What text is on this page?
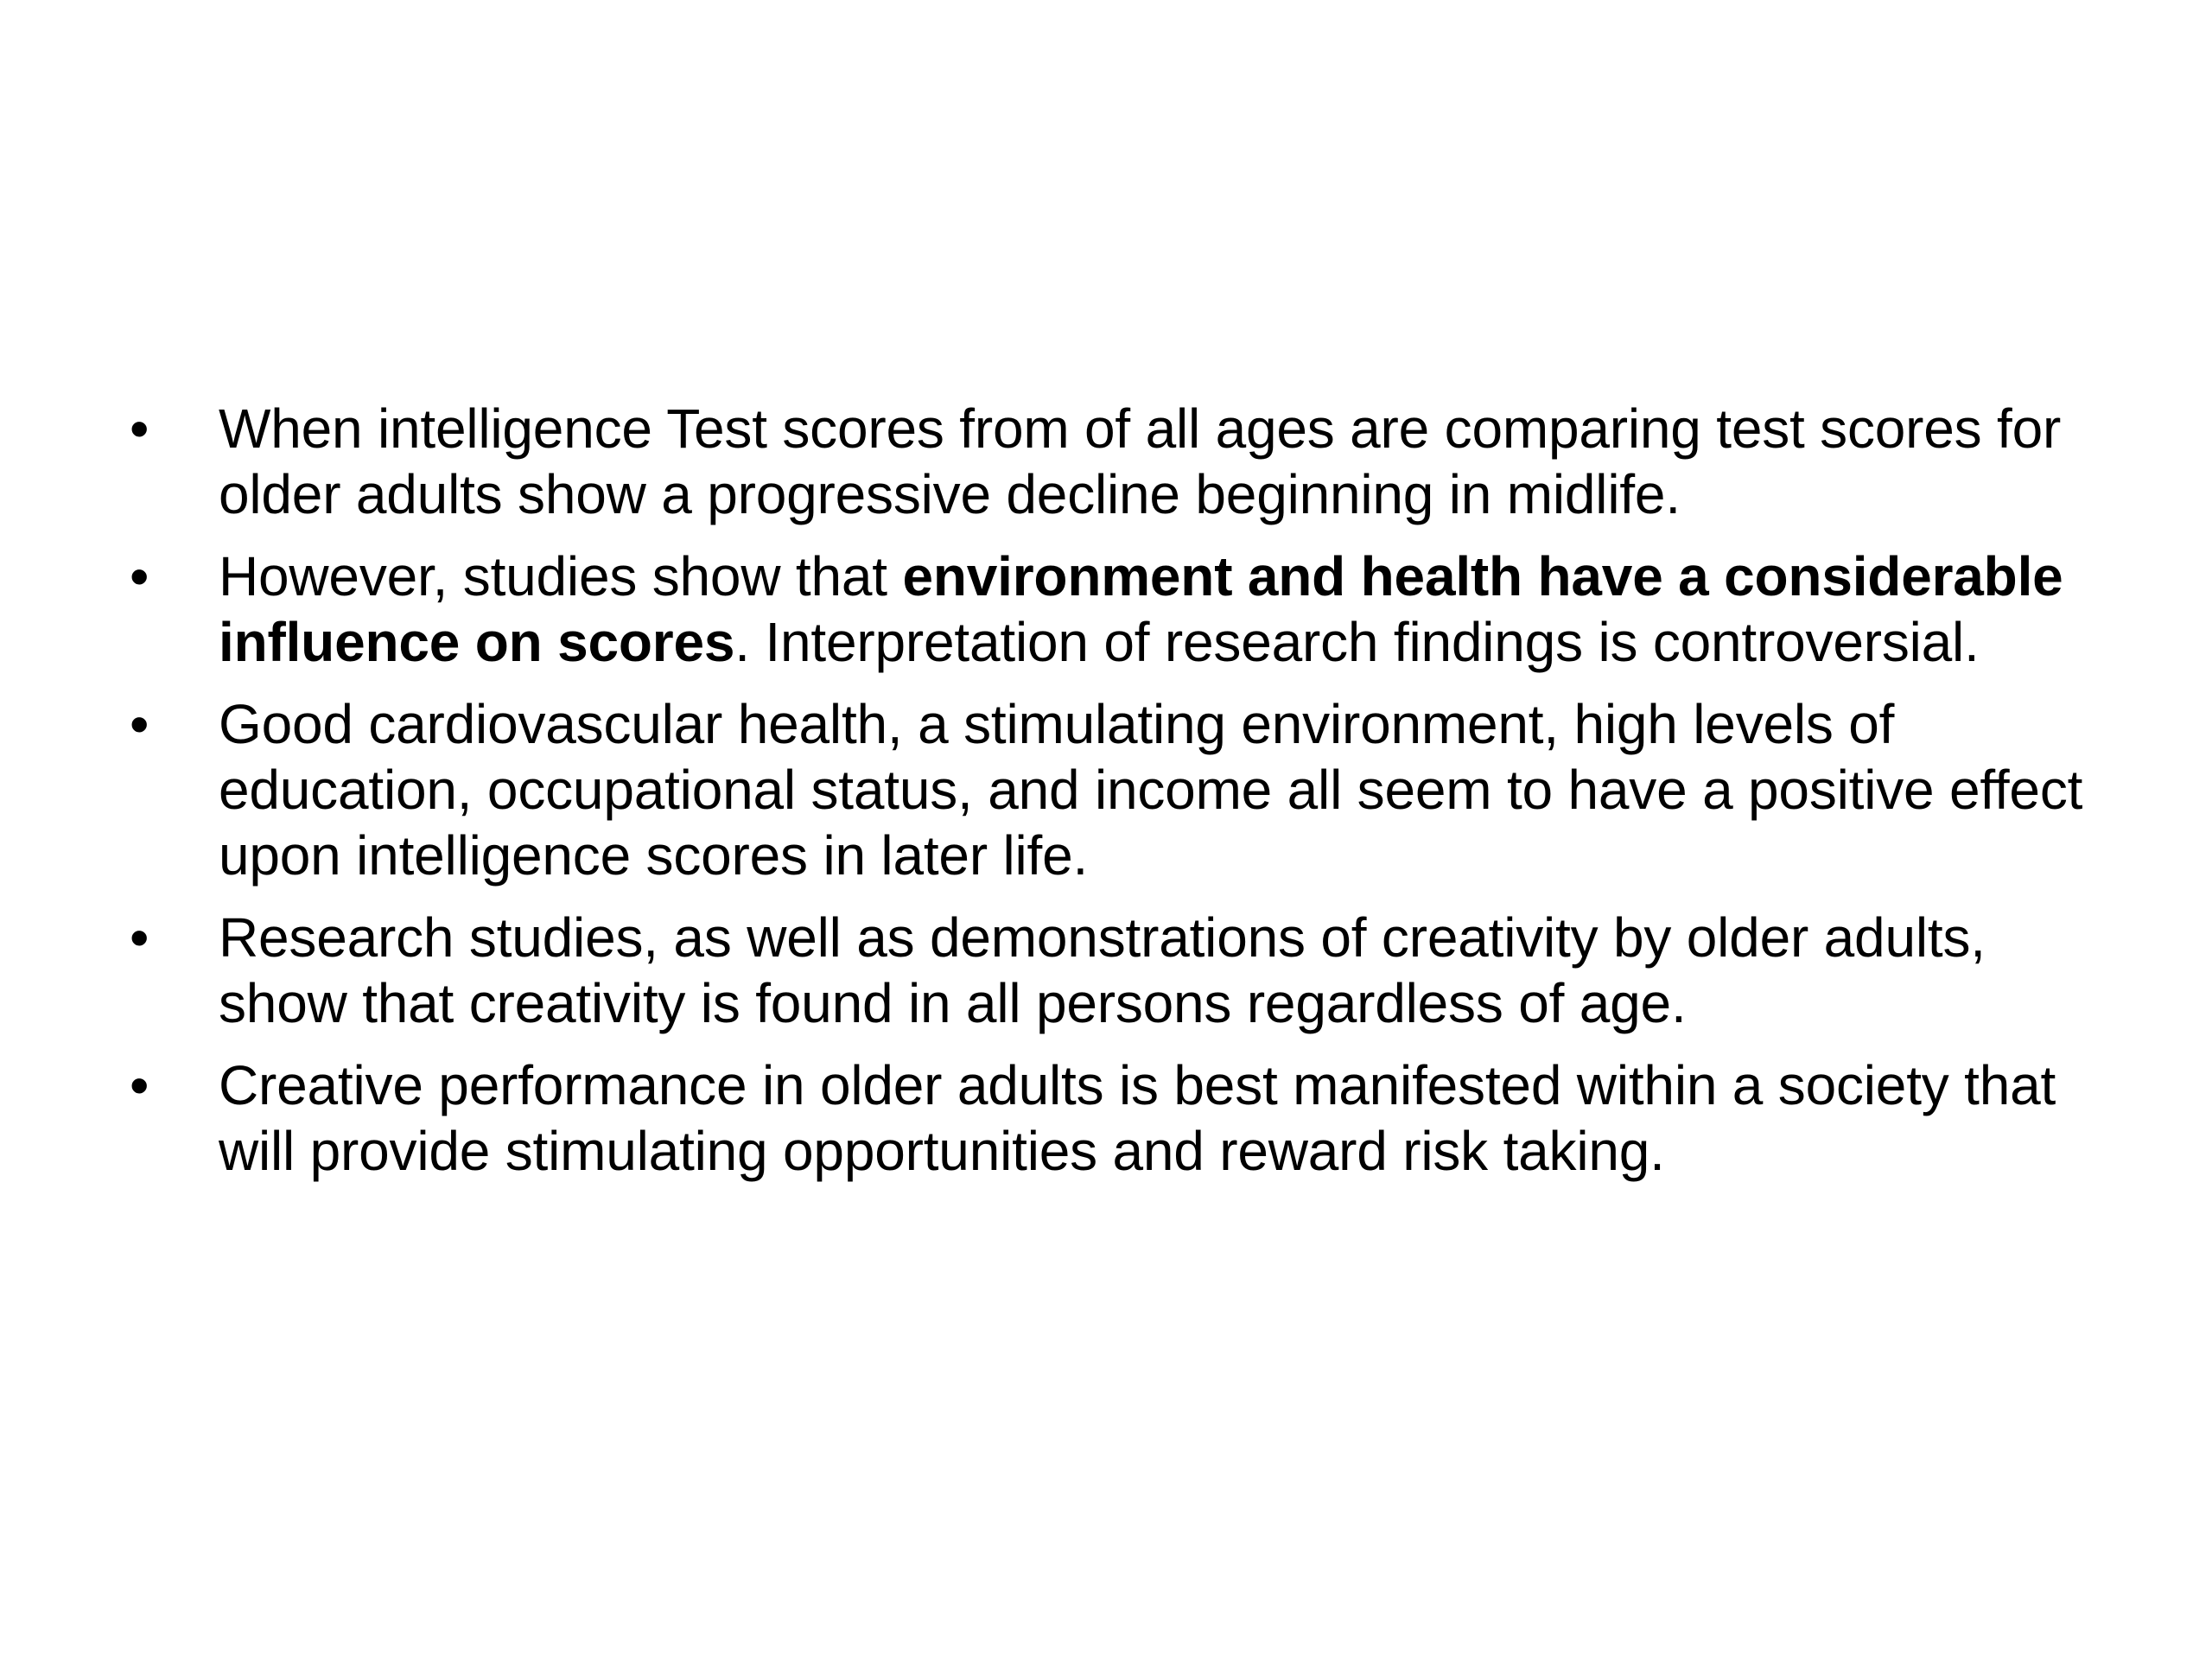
•	When intelligence Test scores from of all ages are comparing test scores for older adults show a progressive decline beginning in midlife.
•	However, studies show that environment and health have a considerable influence on scores. Interpretation of research findings is controversial.
•	Good cardiovascular health, a stimulating environment, high levels of education, occupational status, and income all seem to have a positive effect upon intelligence scores in later life.
•	Research studies, as well as demonstrations of creativity by older adults, show that creativity is found in all persons regardless of age.
•	Creative performance in older adults is best manifested within a society that will provide stimulating opportunities and reward risk taking.
